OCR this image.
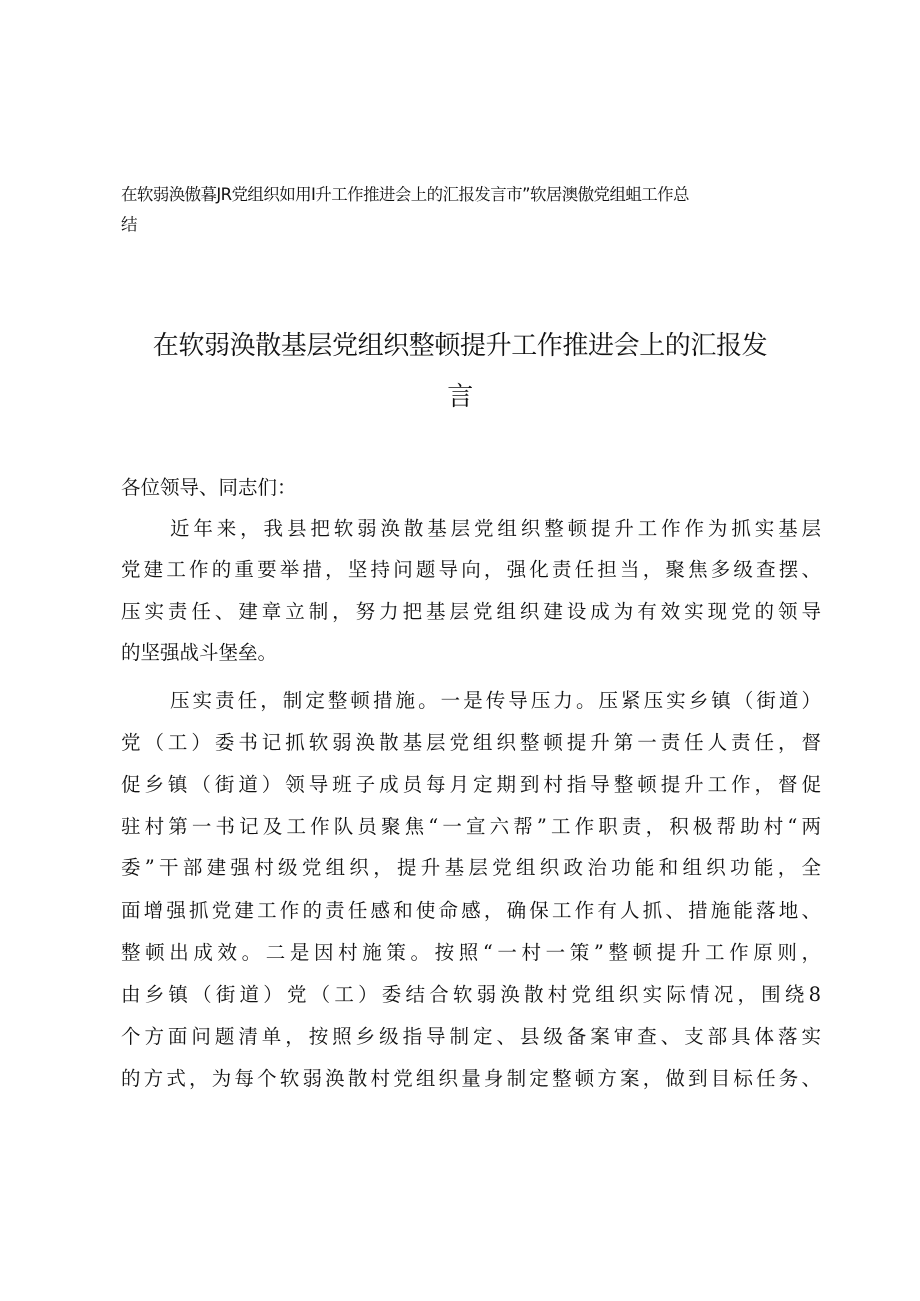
在软弱涣傲暮JR党组织如用I升工作推进会上的汇报发言市”软居澳傲党组蛆工作总
结
在软弱涣散基层党组织整顿提升工作推进会上的汇报发
言
各位领导、同志们：
近年来，我县把软弱涣散基层党组织整顿提升工作作为抓实基层
党建工作的重要举措，坚持问题导向，强化责任担当，聚焦多级查摆、
压实责任、建章立制，努力把基层党组织建设成为有效实现党的领导
的坚强战斗堡垒。
压实责任，制定整顿措施。一是传导压力。压紧压实乡镇（街道）
党（工）委书记抓软弱涣散基层党组织整顿提升第一责任人责任，督
促乡镇（街道）领导班子成员每月定期到村指导整顿提升工作，督促
驻村第一书记及工作队员聚焦“一宣六帮”工作职责，积极帮助村“两
委”干部建强村级党组织，提升基层党组织政治功能和组织功能，全
面增强抓党建工作的责任感和使命感，确保工作有人抓、措施能落地、
整顿出成效。二是因村施策。按照“一村一策”整顿提升工作原则，
由乡镇（街道）党（工）委结合软弱涣散村党组织实际情况，围绕8
个方面问题清单，按照乡级指导制定、县级备案审查、支部具体落实
的方式，为每个软弱涣散村党组织量身制定整顿方案，做到目标任务、
